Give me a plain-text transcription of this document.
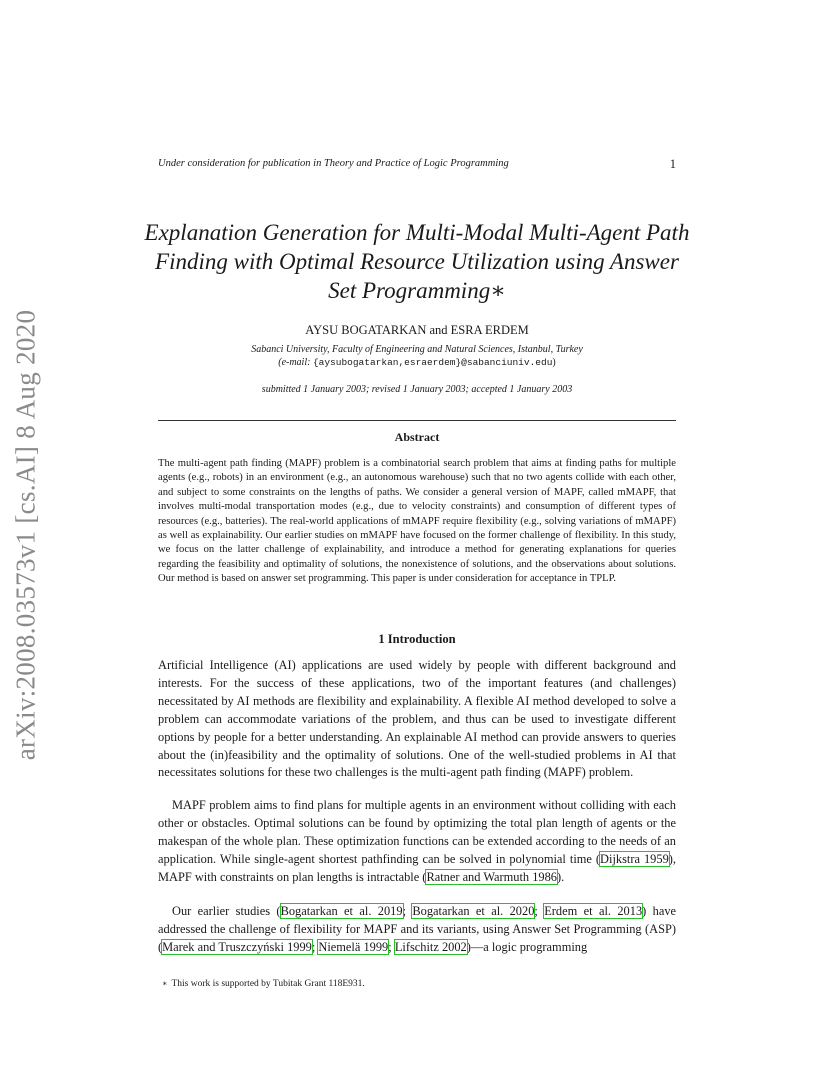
arXiv:2008.03573v1 [cs.AI] 8 Aug 2020
Under consideration for publication in Theory and Practice of Logic Programming	1
Explanation Generation for Multi-Modal Multi-Agent Path Finding with Optimal Resource Utilization using Answer Set Programming∗
AYSU BOGATARKAN and ESRA ERDEM
Sabanci University, Faculty of Engineering and Natural Sciences, Istanbul, Turkey
(e-mail: {aysubogatarkan,esraerdem}@sabanciuniv.edu)
submitted 1 January 2003; revised 1 January 2003; accepted 1 January 2003
Abstract
The multi-agent path finding (MAPF) problem is a combinatorial search problem that aims at finding paths for multiple agents (e.g., robots) in an environment (e.g., an autonomous warehouse) such that no two agents collide with each other, and subject to some constraints on the lengths of paths. We consider a general version of MAPF, called mMAPF, that involves multi-modal transportation modes (e.g., due to velocity constraints) and consumption of different types of resources (e.g., batteries). The real-world applications of mMAPF require flexibility (e.g., solving variations of mMAPF) as well as explainability. Our earlier studies on mMAPF have focused on the former challenge of flexibility. In this study, we focus on the latter challenge of explainability, and introduce a method for generating explanations for queries regarding the feasibility and optimality of solutions, the nonexistence of solutions, and the observations about solutions. Our method is based on answer set programming. This paper is under consideration for acceptance in TPLP.
1 Introduction
Artificial Intelligence (AI) applications are used widely by people with different background and interests. For the success of these applications, two of the important features (and challenges) necessitated by AI methods are flexibility and explainability. A flexible AI method developed to solve a problem can accommodate variations of the problem, and thus can be used to investigate different options by people for a better understanding. An explainable AI method can provide answers to queries about the (in)feasibility and the optimality of solutions. One of the well-studied problems in AI that necessitates solutions for these two challenges is the multi-agent path finding (MAPF) problem.
MAPF problem aims to find plans for multiple agents in an environment without colliding with each other or obstacles. Optimal solutions can be found by optimizing the total plan length of agents or the makespan of the whole plan. These optimization functions can be extended according to the needs of an application. While single-agent shortest pathfinding can be solved in polynomial time (Dijkstra 1959), MAPF with constraints on plan lengths is intractable (Ratner and Warmuth 1986).
Our earlier studies (Bogatarkan et al. 2019; Bogatarkan et al. 2020; Erdem et al. 2013) have addressed the challenge of flexibility for MAPF and its variants, using Answer Set Programming (ASP) (Marek and Truszczyński 1999; Niemelä 1999; Lifschitz 2002)—a logic programming
∗ This work is supported by Tubitak Grant 118E931.
